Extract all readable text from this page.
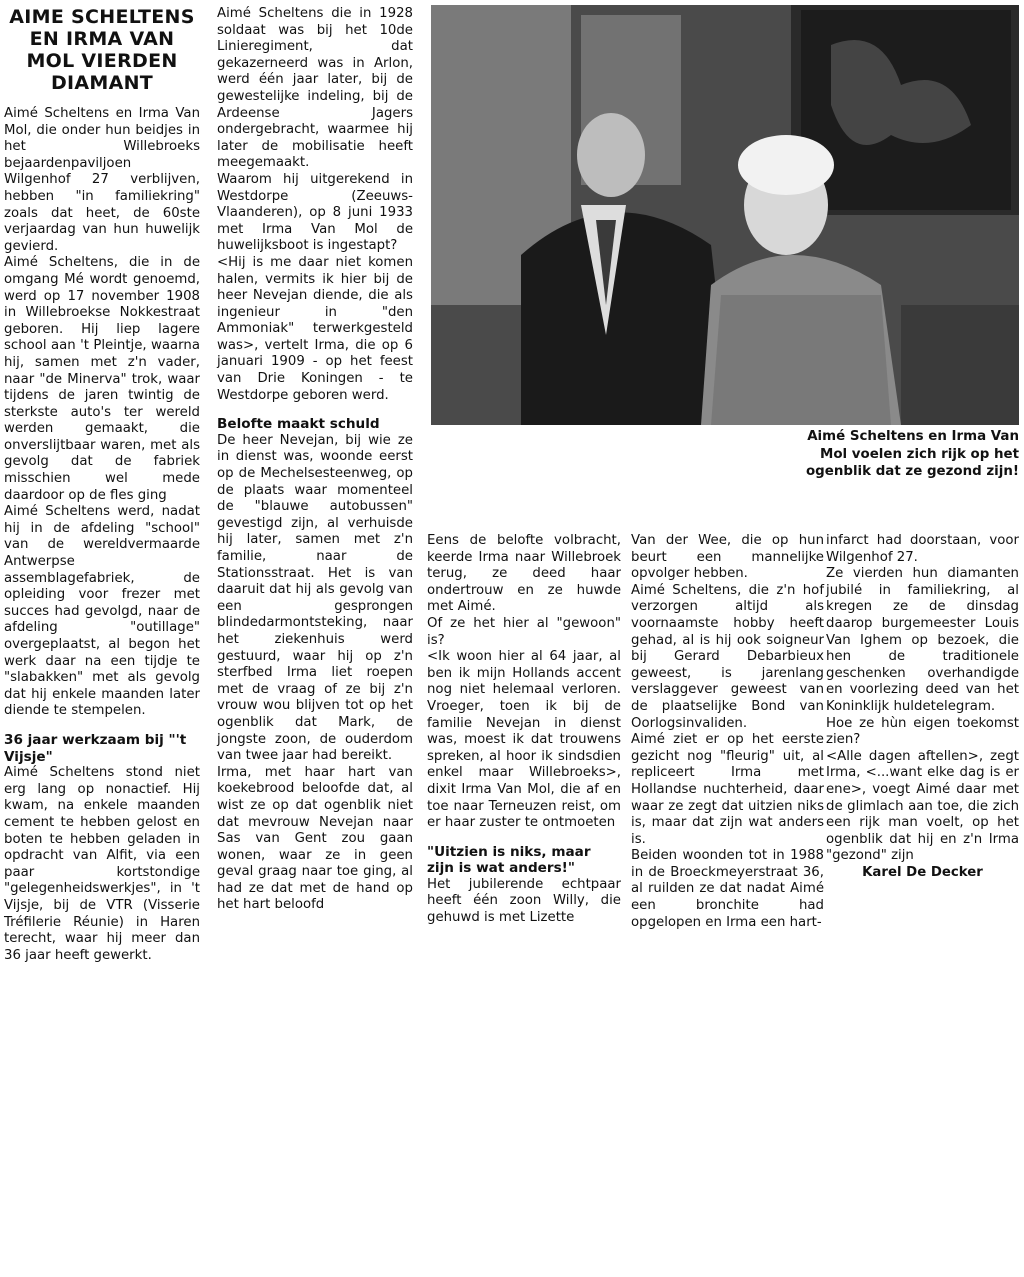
AIME SCHELTENS EN IRMA VAN MOL VIERDEN DIAMANT

Aimé Scheltens en Irma Van Mol, die onder hun beidjes in het Willebroeks bejaardenpaviljoen Wilgenhof 27 verblijven, hebben "in familiekring" zoals dat heet, de 60ste verjaardag van hun huwelijk gevierd.

Aimé Scheltens, die in de omgang Mé wordt genoemd, werd op 17 november 1908 in Willebroekse Nokkestraat geboren. Hij liep lagere school aan 't Pleintje, waarna hij, samen met z'n vader, naar "de Minerva" trok, waar tijdens de jaren twintig de sterkste auto's ter wereld werden gemaakt, die onverslijtbaar waren, met als gevolg dat de fabriek misschien wel mede daardoor op de fles ging

Aimé Scheltens werd, nadat hij in de afdeling "school" van de wereldvermaarde Antwerpse assemblagefabriek, de opleiding voor frezer met succes had gevolgd, naar de afdeling "outillage" overgeplaatst, al begon het werk daar na een tijdje te "slabakken" met als gevolg dat hij enkele maanden later diende te stempelen.

36 jaar werkzaam bij "'t Vijsje"

Aimé Scheltens stond niet erg lang op nonactief. Hij kwam, na enkele maanden cement te hebben gelost en boten te hebben geladen in opdracht van Alfit, via een paar kortstondige "gelegenheidswerkjes", in 't Vijsje, bij de VTR (Visserie Tréfilerie Réunie) in Haren terecht, waar hij meer dan 36 jaar heeft gewerkt.

Aimé Scheltens die in 1928 soldaat was bij het 10de Linieregiment, dat gekazerneerd was in Arlon, werd één jaar later, bij de gewestelijke indeling, bij de Ardeense Jagers ondergebracht, waarmee hij later de mobilisatie heeft meegemaakt.

Waarom hij uitgerekend in Westdorpe (Zeeuws-Vlaanderen), op 8 juni 1933 met Irma Van Mol de huwelijksboot is ingestapt?

<Hij is me daar niet komen halen, vermits ik hier bij de heer Nevejan diende, die als ingenieur in "den Ammoniak" terwerkgesteld was>, vertelt Irma, die op 6 januari 1909 - op het feest van Drie Koningen - te Westdorpe geboren werd.

Belofte maakt schuld

De heer Nevejan, bij wie ze in dienst was, woonde eerst op de Mechelsesteenweg, op de plaats waar momenteel de "blauwe autobussen" gevestigd zijn, al verhuisde hij later, samen met z'n familie, naar de Stationsstraat. Het is van daaruit dat hij als gevolg van een gesprongen blindedarmontsteking, naar het ziekenhuis werd gestuurd, waar hij op z'n sterfbed Irma liet roepen met de vraag of ze bij z'n vrouw wou blijven tot op het ogenblik dat Mark, de jongste zoon, de ouderdom van twee jaar had bereikt.

Irma, met haar hart van koekebrood beloofde dat, al wist ze op dat ogenblik niet dat mevrouw Nevejan naar Sas van Gent zou gaan wonen, waar ze in geen geval graag naar toe ging, al had ze dat met de hand op het hart beloofd

Aimé Scheltens en Irma Van Mol voelen zich rijk op het ogenblik dat ze gezond zijn!

Eens de belofte volbracht, keerde Irma naar Willebroek terug, ze deed haar ondertrouw en ze huwde met Aimé.

Of ze het hier al "gewoon" is?

<Ik woon hier al 64 jaar, al ben ik mijn Hollands accent nog niet helemaal verloren. Vroeger, toen ik bij de familie Nevejan in dienst was, moest ik dat trouwens spreken, al hoor ik sindsdien enkel maar Willebroeks>, dixit Irma Van Mol, die af en toe naar Terneuzen reist, om er haar zuster te ontmoeten

"Uitzien is niks, maar zijn is wat anders!"

Het jubilerende echtpaar heeft één zoon Willy, die gehuwd is met Lizette

Van der Wee, die op hun beurt een mannelijke opvolger hebben.

Aimé Scheltens, die z'n hof verzorgen altijd als voornaamste hobby heeft gehad, al is hij ook soigneur bij Gerard Debarbieux geweest, is jarenlang verslaggever geweest van de plaatselijke Bond van Oorlogsinvaliden.

Aimé ziet er op het eerste gezicht nog "fleurig" uit, al repliceert Irma met Hollandse nuchterheid, daar waar ze zegt dat uitzien niks is, maar dat zijn wat anders is.

Beiden woonden tot in 1988 in de Broeckmeyerstraat 36, al ruilden ze dat nadat Aimé een bronchite had opgelopen en Irma een hart-

infarct had doorstaan, voor Wilgenhof 27.

Ze vierden hun diamanten jubilé in familiekring, al kregen ze de dinsdag daarop burgemeester Louis Van Ighem op bezoek, die hen de traditionele geschenken overhandigde en voorlezing deed van het Koninklijk huldetelegram.

Hoe ze hùn eigen toekomst zien?

<Alle dagen aftellen>, zegt Irma, <...want elke dag is er ene>, voegt Aimé daar met de glimlach aan toe, die zich een rijk man voelt, op het ogenblik dat hij en z'n Irma "gezond" zijn

Karel De Decker
